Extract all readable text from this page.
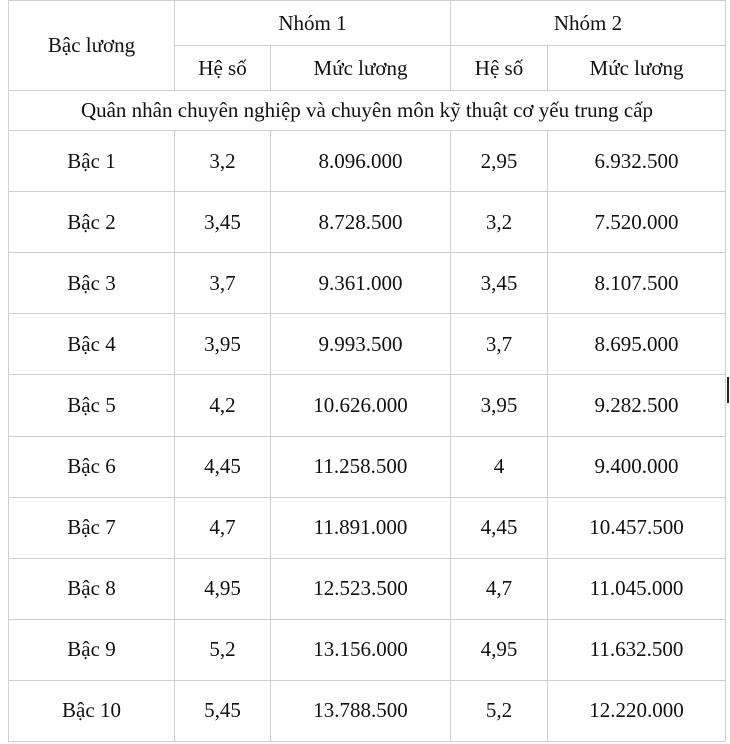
Bậc lương	Nhóm 1		Nhóm 2	
	Hệ số	Mức lương	Hệ số	Mức lương
Quân nhân chuyên nghiệp và chuyên môn kỹ thuật cơ yếu trung cấp				
Bậc 1	3,2	8.096.000	2,95	6.932.500
Bậc 2	3,45	8.728.500	3,2	7.520.000
Bậc 3	3,7	9.361.000	3,45	8.107.500
Bậc 4	3,95	9.993.500	3,7	8.695.000
Bậc 5	4,2	10.626.000	3,95	9.282.500
Bậc 6	4,45	11.258.500	4	9.400.000
Bậc 7	4,7	11.891.000	4,45	10.457.500
Bậc 8	4,95	12.523.500	4,7	11.045.000
Bậc 9	5,2	13.156.000	4,95	11.632.500
Bậc 10	5,45	13.788.500	5,2	12.220.000
